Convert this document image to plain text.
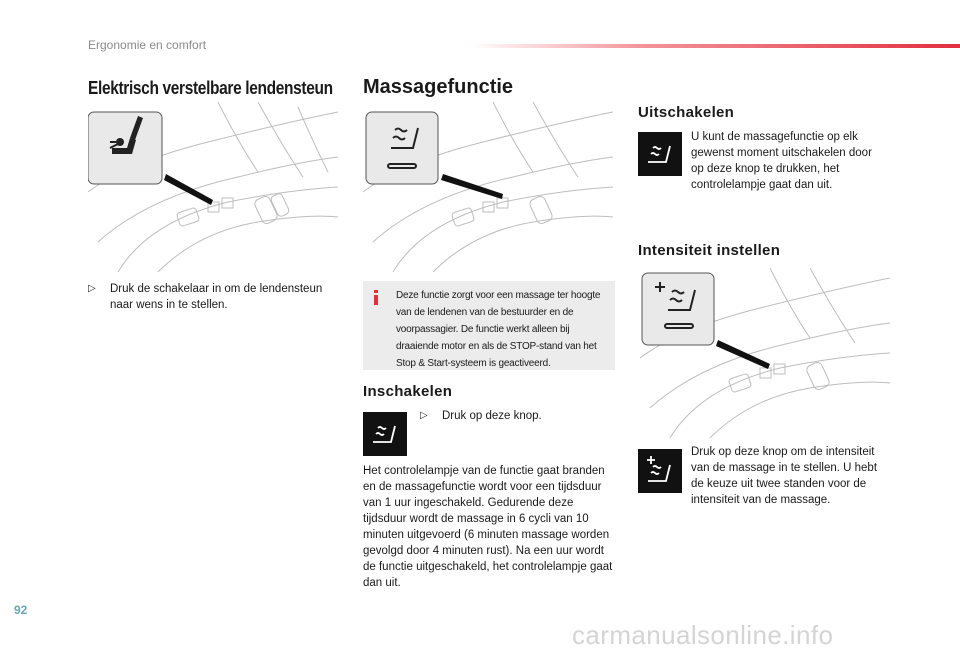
Ergonomie en comfort
Elektrisch verstelbare lendensteun
▷ Druk de schakelaar in om de lendensteun naar wens in te stellen.
Massagefunctie
Deze functie zorgt voor een massage ter hoogte van de lendenen van de bestuurder en de voorpassagier. De functie werkt alleen bij draaiende motor en als de STOP-stand van het Stop & Start-systeem is geactiveerd.
Inschakelen
▷ Druk op deze knop.
Het controlelampje van de functie gaat branden en de massagefunctie wordt voor een tijdsduur van 1 uur ingeschakeld. Gedurende deze tijdsduur wordt de massage in 6 cycli van 10 minuten uitgevoerd (6 minuten massage worden gevolgd door 4 minuten rust). Na een uur wordt de functie uitgeschakeld, het controlelampje gaat dan uit.
Uitschakelen
U kunt de massagefunctie op elk gewenst moment uitschakelen door op deze knop te drukken, het controlelampje gaat dan uit.
Intensiteit instellen
Druk op deze knop om de intensiteit van de massage in te stellen. U hebt de keuze uit twee standen voor de intensiteit van de massage.
92
carmanualsonline.info
